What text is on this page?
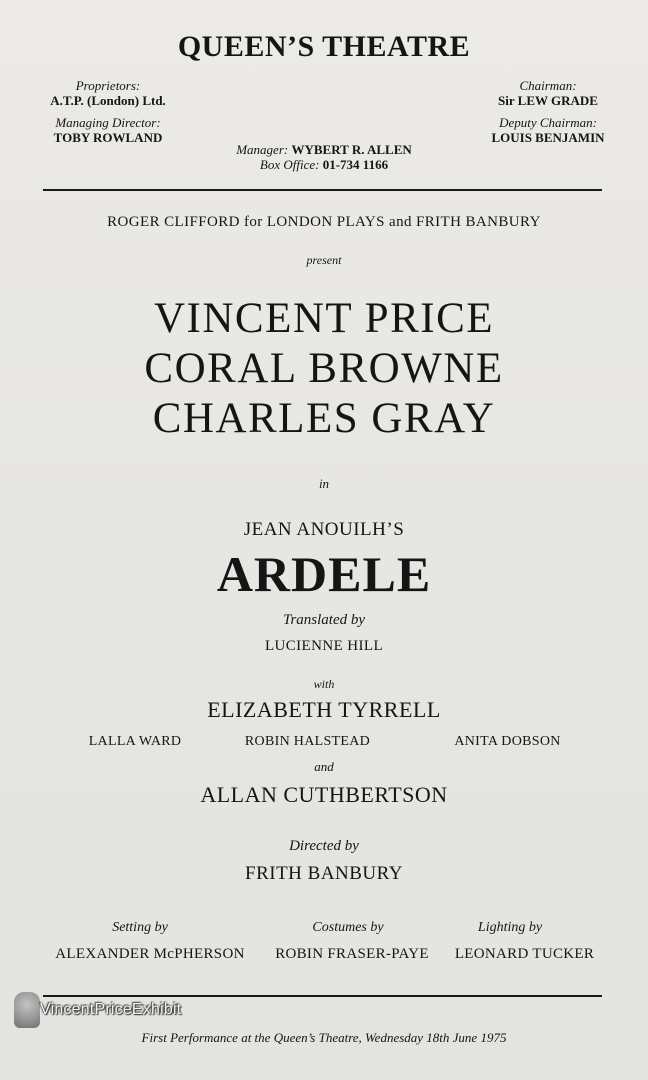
QUEEN’S THEATRE
Proprietors:
A.T.P. (London) Ltd.
Managing Director:
TOBY ROWLAND
Chairman:
Sir LEW GRADE
Deputy Chairman:
LOUIS BENJAMIN
Manager: WYBERT R. ALLEN
Box Office: 01-734 1166
ROGER CLIFFORD for LONDON PLAYS and FRITH BANBURY
present
VINCENT PRICE
CORAL BROWNE
CHARLES GRAY
in
JEAN ANOUILH’S
ARDELE
Translated by
LUCIENNE HILL
with
ELIZABETH TYRRELL
LALLA WARD	ROBIN HALSTEAD	ANITA DOBSON
and
ALLAN CUTHBERTSON
Directed by
FRITH BANBURY
Setting by	Costumes by	Lighting by
ALEXANDER McPHERSON	ROBIN FRASER-PAYE	LEONARD TUCKER
First Performance at the Queen’s Theatre, Wednesday 18th June 1975
VincentPriceExhibit
